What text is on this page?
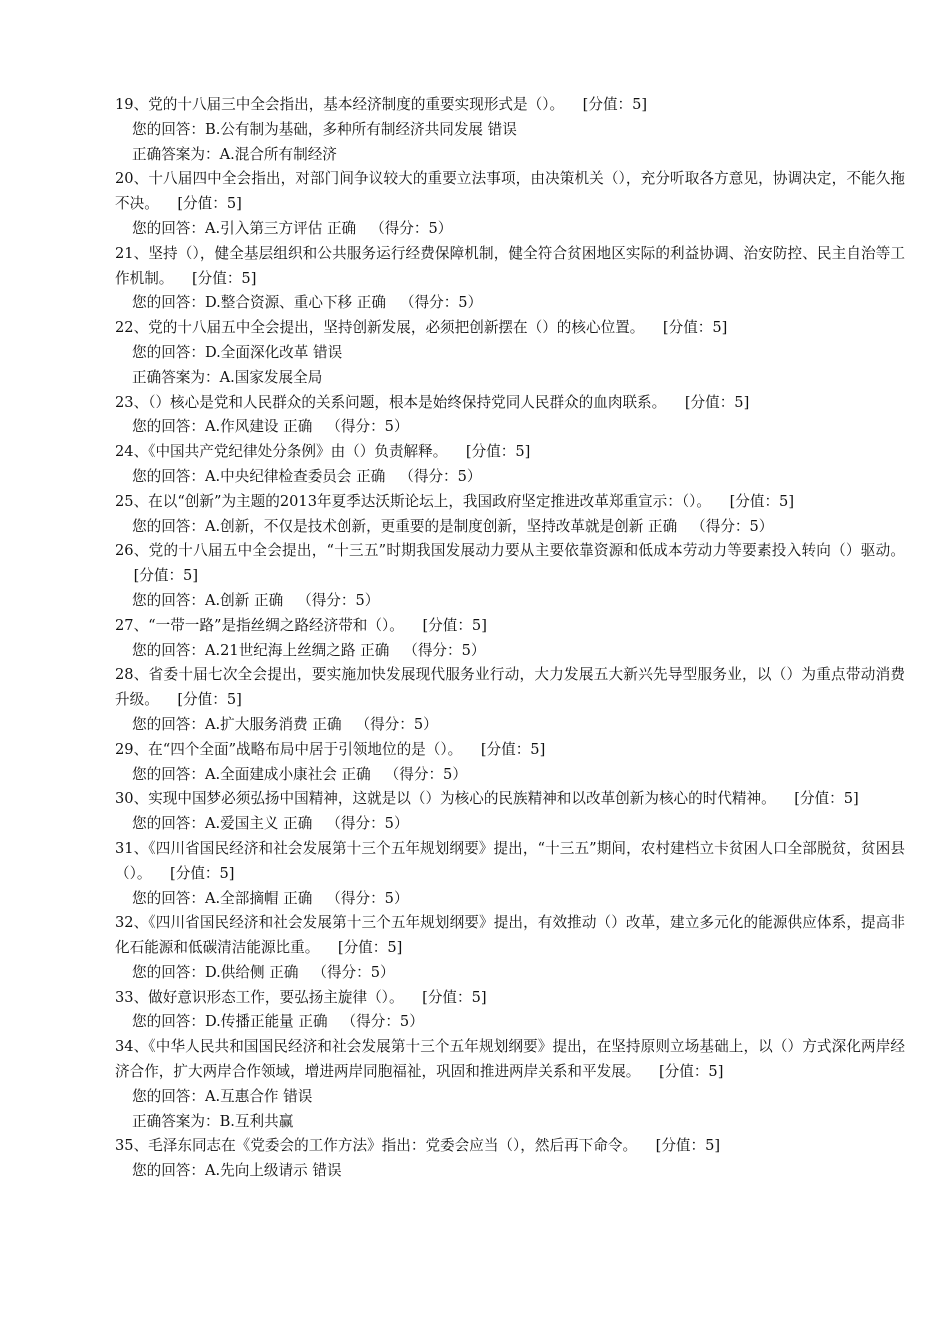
19、党的十八届三中全会指出，基本经济制度的重要实现形式是（）。 [分值：5]

您的回答：B.公有制为基础，多种所有制经济共同发展 错误

正确答案为：A.混合所有制经济

20、十八届四中全会指出，对部门间争议较大的重要立法事项，由决策机关（），充分听取各方意见，协调决定，不能久拖不决。 [分值：5]

您的回答：A.引入第三方评估 正确 （得分：5）

21、坚持（），健全基层组织和公共服务运行经费保障机制，健全符合贫困地区实际的利益协调、治安防控、民主自治等工作机制。 [分值：5]

您的回答：D.整合资源、重心下移 正确 （得分：5）

22、党的十八届五中全会提出，坚持创新发展，必须把创新摆在（）的核心位置。 [分值：5]

您的回答：D.全面深化改革 错误

正确答案为：A.国家发展全局

23、（）核心是党和人民群众的关系问题，根本是始终保持党同人民群众的血肉联系。 [分值：5]

您的回答：A.作风建设 正确 （得分：5）

24、《中国共产党纪律处分条例》由（）负责解释。 [分值：5]

您的回答：A.中央纪律检查委员会 正确 （得分：5）

25、在以“创新”为主题的2013年夏季达沃斯论坛上，我国政府坚定推进改革郑重宣示：（）。 [分值：5]

您的回答：A.创新，不仅是技术创新，更重要的是制度创新，坚持改革就是创新 正确 （得分：5）

26、党的十八届五中全会提出，“十三五”时期我国发展动力要从主要依靠资源和低成本劳动力等要素投入转向（）驱动。    [分值：5]

您的回答：A.创新 正确 （得分：5）

27、“一带一路”是指丝绸之路经济带和（）。 [分值：5]

您的回答：A.21世纪海上丝绸之路 正确 （得分：5）

28、省委十届七次全会提出，要实施加快发展现代服务业行动，大力发展五大新兴先导型服务业，以（）为重点带动消费升级。 [分值：5]

您的回答：A.扩大服务消费 正确 （得分：5）

29、在“四个全面”战略布局中居于引领地位的是（）。 [分值：5]

您的回答：A.全面建成小康社会 正确 （得分：5）

30、实现中国梦必须弘扬中国精神，这就是以（）为核心的民族精神和以改革创新为核心的时代精神。 [分值：5]

您的回答：A.爱国主义 正确 （得分：5）

31、《四川省国民经济和社会发展第十三个五年规划纲要》提出，“十三五”期间，农村建档立卡贫困人口全部脱贫，贫困县（）。 [分值：5]

您的回答：A.全部摘帽 正确 （得分：5）

32、《四川省国民经济和社会发展第十三个五年规划纲要》提出，有效推动（）改革，建立多元化的能源供应体系，提高非化石能源和低碳清洁能源比重。 [分值：5]

您的回答：D.供给侧 正确 （得分：5）

33、做好意识形态工作，要弘扬主旋律（）。 [分值：5]

您的回答：D.传播正能量 正确 （得分：5）

34、《中华人民共和国国民经济和社会发展第十三个五年规划纲要》提出，在坚持原则立场基础上，以（）方式深化两岸经济合作，扩大两岸合作领域，增进两岸同胞福祉，巩固和推进两岸关系和平发展。 [分值：5]

您的回答：A.互惠合作 错误

正确答案为：B.互利共赢

35、毛泽东同志在《党委会的工作方法》指出：党委会应当（），然后再下命令。 [分值：5]

您的回答：A.先向上级请示 错误
